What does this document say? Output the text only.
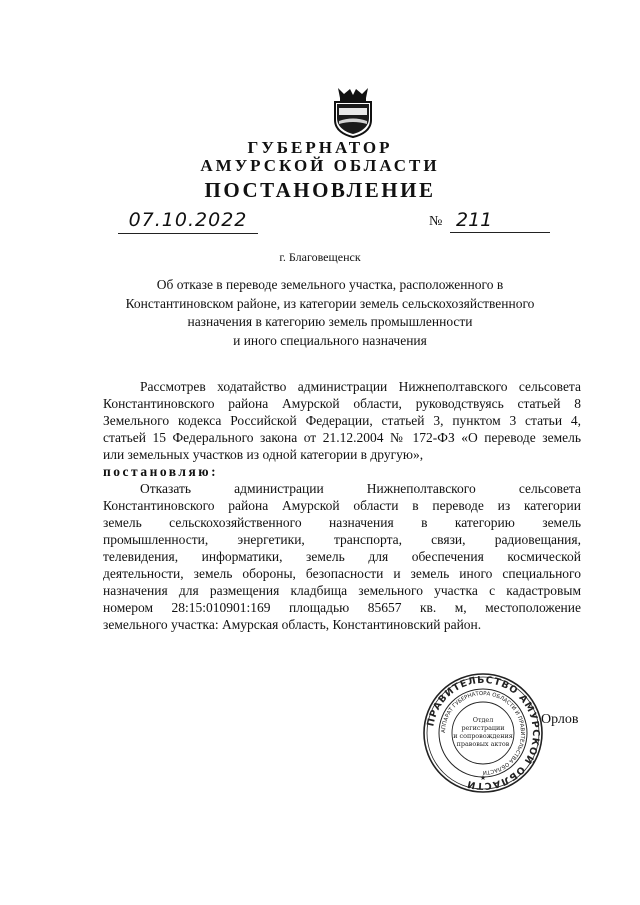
ГУБЕРНАТОР
АМУРСКОЙ ОБЛАСТИ
ПОСТАНОВЛЕНИЕ
07.10.2022	№ 211
г. Благовещенск
Об отказе в переводе земельного участка, расположенного в
Константиновском районе, из категории земель сельскохозяйственного
назначения в категорию земель промышленности
и иного специального назначения
Рассмотрев ходатайство администрации Нижнеполтавского сельсовета
Константиновского района Амурской области, руководствуясь статьей 8
Земельного кодекса Российской Федерации, статьей 3, пунктом 3 статьи 4,
статьей 15 Федерального закона от 21.12.2004 № 172-ФЗ «О переводе земель
или земельных участков из одной категории в другую»,
постановляю:
Отказать администрации Нижнеполтавского сельсовета
Константиновского района Амурской области в переводе из категории
земель сельскохозяйственного назначения в категорию земель
промышленности, энергетики, транспорта, связи, радиовещания,
телевидения, информатики, земель для обеспечения космической
деятельности, земель обороны, безопасности и земель иного специального
назначения для размещения кладбища земельного участка с кадастровым
номером 28:15:010901:169 площадью 85657 кв. м, местоположение
земельного участка: Амурская область, Константиновский район.
ПРАВИТЕЛЬСТВО АМУРСКОЙ ОБЛАСТИ
АППАРАТ ГУБЕРНАТОРА ОБЛАСТИ И ПРАВИТЕЛЬСТВА ОБЛАСТИ
Отдел
регистрации
и сопровождения
правовых актов
★
Орлов
